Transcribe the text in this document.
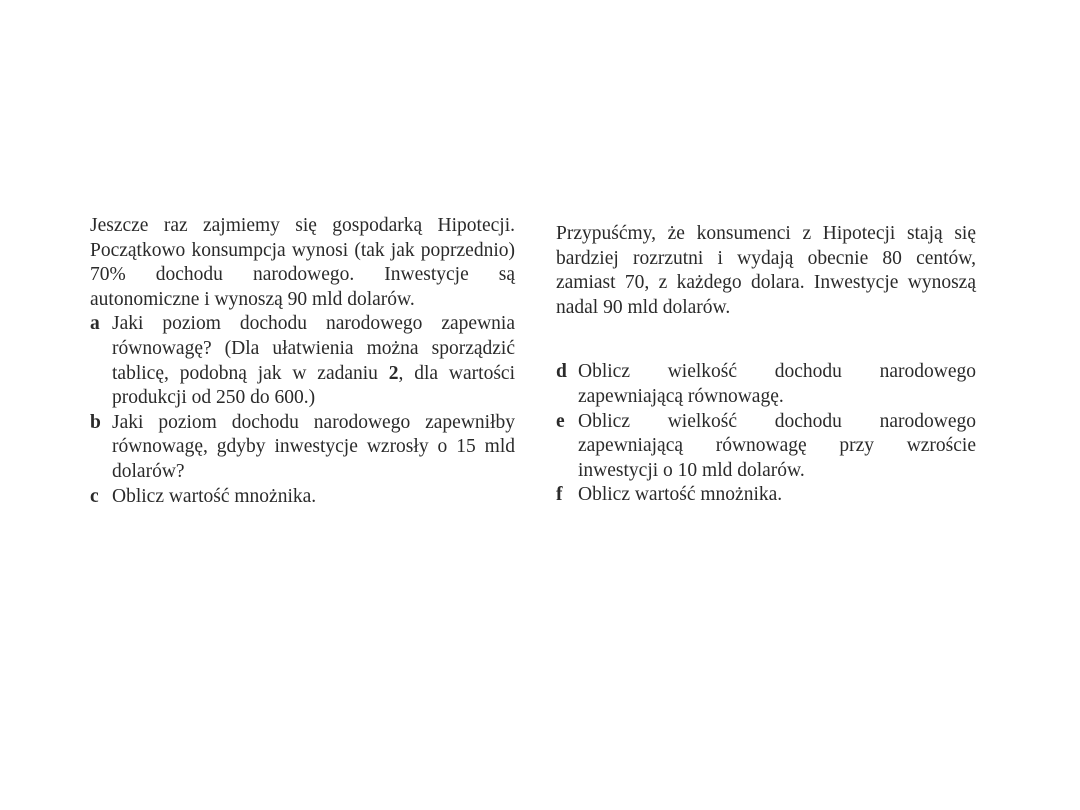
Jeszcze raz zajmiemy się gospodarką Hipotecji. Początkowo konsumpcja wynosi (tak jak poprzednio) 70% dochodu narodowego. Inwestycje są autonomiczne i wynoszą 90 mld dolarów.

a Jaki poziom dochodu narodowego zapewnia równowagę? (Dla ułatwienia można sporządzić tablicę, podobną jak w zadaniu 2, dla wartości produkcji od 250 do 600.)
b Jaki poziom dochodu narodowego zapewniłby równowagę, gdyby inwestycje wzrosły o 15 mld dolarów?
c Oblicz wartość mnożnika.

Przypuśćmy, że konsumenci z Hipotecji stają się bardziej rozrzutni i wydają obecnie 80 centów, zamiast 70, z każdego dolara. Inwestycje wynoszą nadal 90 mld dolarów.

d Oblicz wielkość dochodu narodowego zapewniającą równowagę.
e Oblicz wielkość dochodu narodowego zapewniającą równowagę przy wzroście inwestycji o 10 mld dolarów.
f Oblicz wartość mnożnika.
